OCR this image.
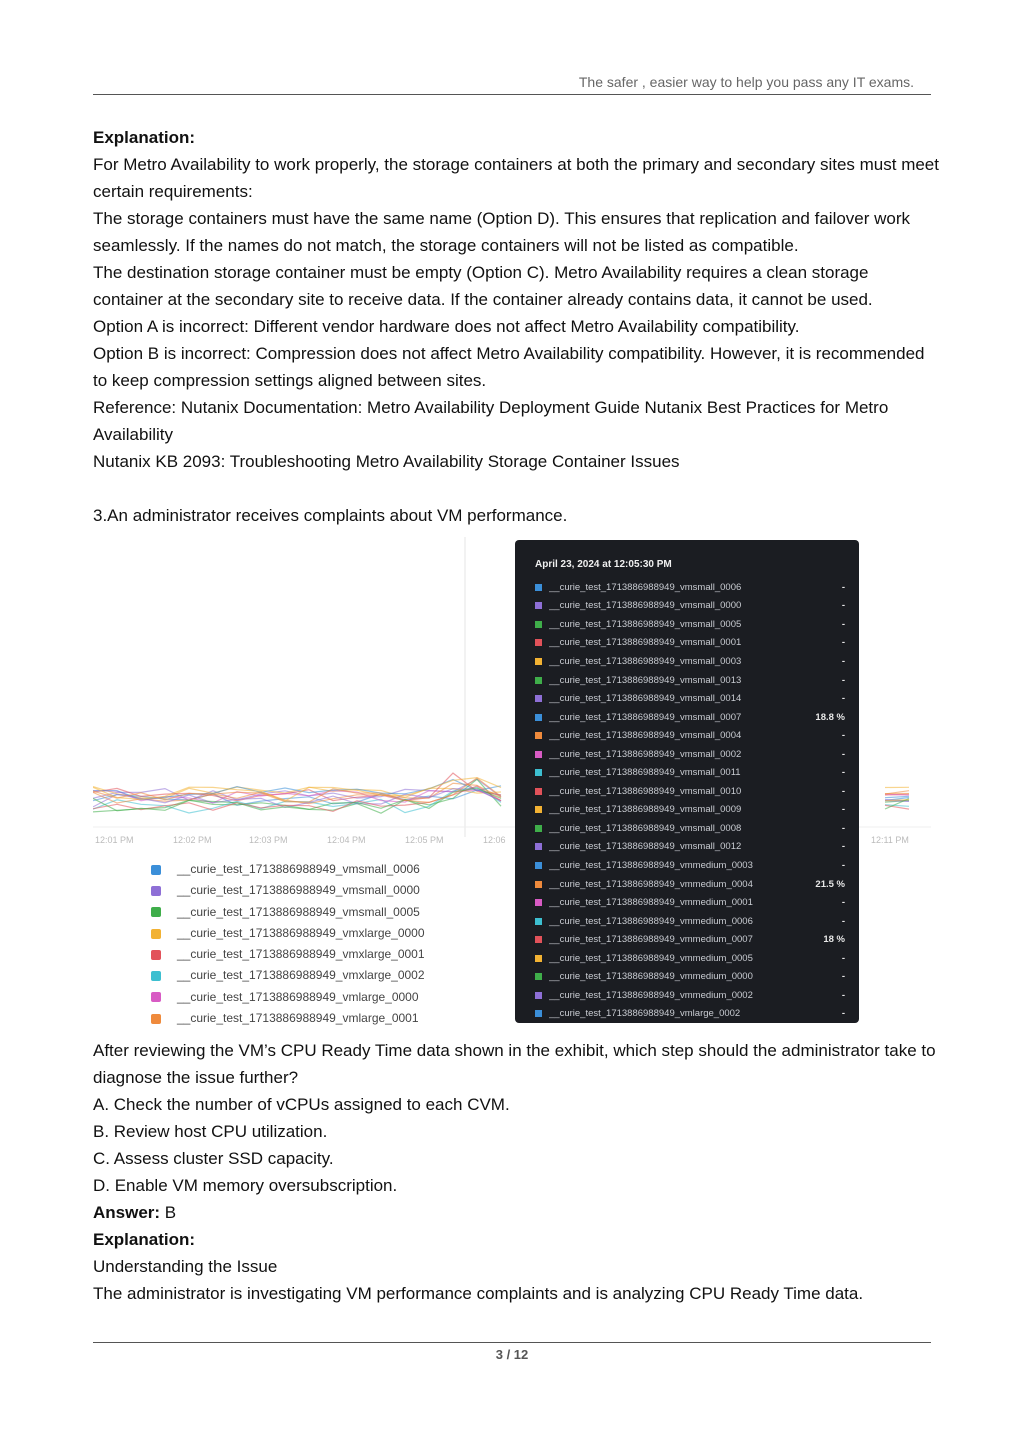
The safer , easier way to help you pass any IT exams.

Explanation:

For Metro Availability to work properly, the storage containers at both the primary and secondary sites must meet certain requirements:

The storage containers must have the same name (Option D). This ensures that replication and failover work seamlessly. If the names do not match, the storage containers will not be listed as compatible.

The destination storage container must be empty (Option C). Metro Availability requires a clean storage container at the secondary site to receive data. If the container already contains data, it cannot be used.

Option A is incorrect: Different vendor hardware does not affect Metro Availability compatibility.

Option B is incorrect: Compression does not affect Metro Availability compatibility. However, it is recommended to keep compression settings aligned between sites.

Reference: Nutanix Documentation: Metro Availability Deployment Guide Nutanix Best Practices for Metro Availability

Nutanix KB 2093: Troubleshooting Metro Availability Storage Container Issues

3.An administrator receives complaints about VM performance.

12:01 PM	12:02 PM	12:03 PM	12:04 PM	12:05 PM	12:06	12:11 PM
__curie_test_1713886988949_vmsmall_0006
__curie_test_1713886988949_vmsmall_0000
__curie_test_1713886988949_vmsmall_0005
__curie_test_1713886988949_vmxlarge_0000
__curie_test_1713886988949_vmxlarge_0001
__curie_test_1713886988949_vmxlarge_0002
__curie_test_1713886988949_vmlarge_0000
__curie_test_1713886988949_vmlarge_0001
April 23, 2024 at 12:05:30 PM
__curie_test_1713886988949_vmsmall_0006	-
__curie_test_1713886988949_vmsmall_0000	-
__curie_test_1713886988949_vmsmall_0005	-
__curie_test_1713886988949_vmsmall_0001	-
__curie_test_1713886988949_vmsmall_0003	-
__curie_test_1713886988949_vmsmall_0013	-
__curie_test_1713886988949_vmsmall_0014	-
__curie_test_1713886988949_vmsmall_0007	18.8 %
__curie_test_1713886988949_vmsmall_0004	-
__curie_test_1713886988949_vmsmall_0002	-
__curie_test_1713886988949_vmsmall_0011	-
__curie_test_1713886988949_vmsmall_0010	-
__curie_test_1713886988949_vmsmall_0009	-
__curie_test_1713886988949_vmsmall_0008	-
__curie_test_1713886988949_vmsmall_0012	-
__curie_test_1713886988949_vmmedium_0003	-
__curie_test_1713886988949_vmmedium_0004	21.5 %
__curie_test_1713886988949_vmmedium_0001	-
__curie_test_1713886988949_vmmedium_0006	-
__curie_test_1713886988949_vmmedium_0007	18 %
__curie_test_1713886988949_vmmedium_0005	-
__curie_test_1713886988949_vmmedium_0000	-
__curie_test_1713886988949_vmmedium_0002	-
__curie_test_1713886988949_vmlarge_0002	-

After reviewing the VM’s CPU Ready Time data shown in the exhibit, which step should the administrator take to diagnose the issue further?

A. Check the number of vCPUs assigned to each CVM.

B. Review host CPU utilization.

C. Assess cluster SSD capacity.

D. Enable VM memory oversubscription.

Answer: B

Explanation:

Understanding the Issue

The administrator is investigating VM performance complaints and is analyzing CPU Ready Time data.

3 / 12
